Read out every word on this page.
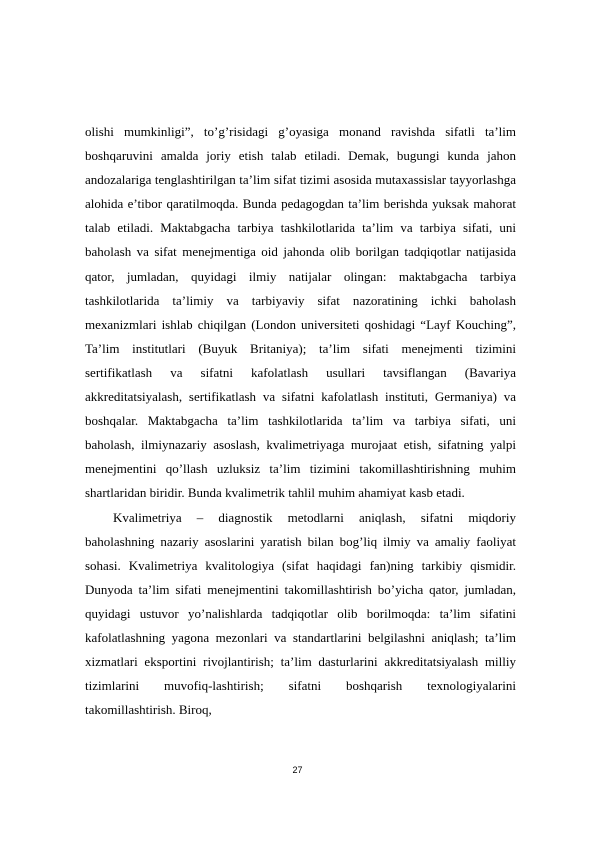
olishi mumkinligi”, to’g’risidagi g’oyasiga monand ravishda sifatli ta’lim boshqaruvini amalda joriy etish talab etiladi. Demak, bugungi kunda jahon andozalariga tenglashtirilgan ta’lim sifat tizimi asosida mutaxassislar tayyorlashga alohida e’tibor qaratilmoqda. Bunda pedagogdan ta’lim berishda yuksak mahorat talab etiladi. Maktabgacha tarbiya tashkilotlarida ta’lim va tarbiya sifati, uni baholash va sifat menejmentiga oid jahonda olib borilgan tadqiqotlar natijasida qator, jumladan, quyidagi ilmiy natijalar olingan: maktabgacha tarbiya tashkilotlarida ta’limiy va tarbiyaviy sifat nazoratining ichki baholash mexanizmlari ishlab chiqilgan (London universiteti qoshidagi “Layf Kouching”, Ta’lim institutlari (Buyuk Britaniya); ta’lim sifati menejmenti tizimini sertifikatlash va sifatni kafolatlash usullari tavsiflangan (Bavariya akkreditatsiyalash, sertifikatlash va sifatni kafolatlash instituti, Germaniya) va boshqalar. Maktabgacha ta’lim tashkilotlarida ta’lim va tarbiya sifati, uni baholash, ilmiynazariy asoslash, kvalimetriyaga murojaat etish, sifatning yalpi menejmentini qo’llash uzluksiz ta’lim tizimini takomillashtirishning muhim shartlaridan biridir. Bunda kvalimetrik tahlil muhim ahamiyat kasb etadi.

Kvalimetriya – diagnostik metodlarni aniqlash, sifatni miqdoriy baholashning nazariy asoslarini yaratish bilan bog’liq ilmiy va amaliy faoliyat sohasi. Kvalimetriya kvalitologiya (sifat haqidagi fan)ning tarkibiy qismidir. Dunyoda ta’lim sifati menejmentini takomillashtirish bo’yicha qator, jumladan, quyidagi ustuvor yo’nalishlarda tadqiqotlar olib borilmoqda: ta’lim sifatini kafolatlashning yagona mezonlari va standartlarini belgilashni aniqlash; ta’lim xizmatlari eksportini rivojlantirish; ta’lim dasturlarini akkreditatsiyalash milliy tizimlarini muvofiq-lashtirish; sifatni boshqarish texnologiyalarini takomillashtirish. Biroq,

27
